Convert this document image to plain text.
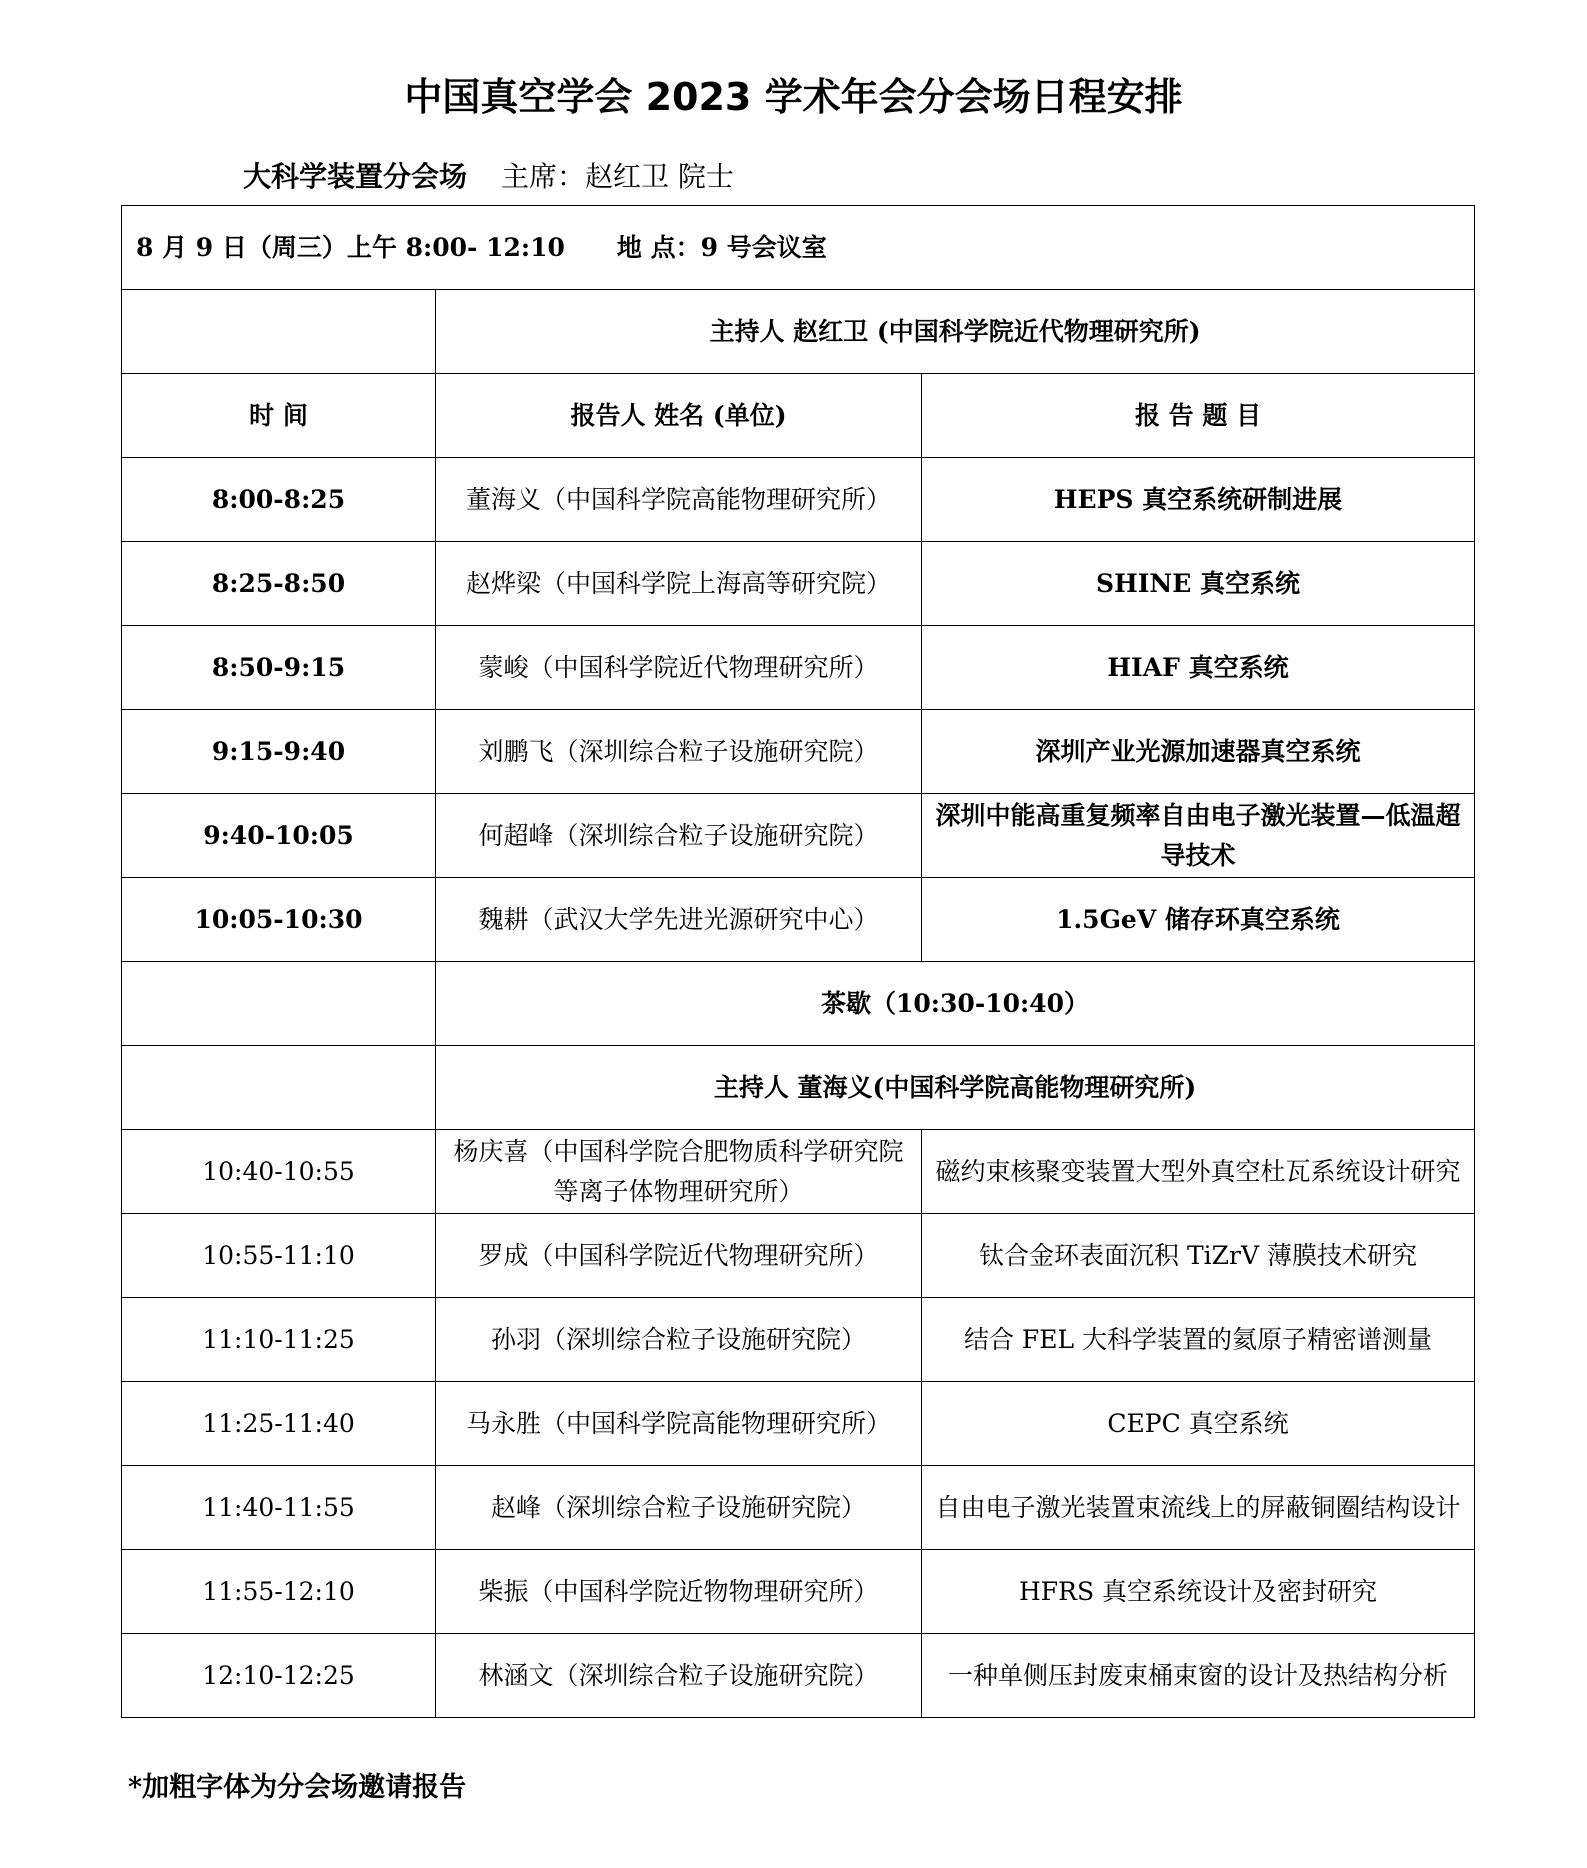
中国真空学会 2023 学术年会分会场日程安排
大科学装置分会场 主席：赵红卫 院士
8 月 9 日（周三）上午 8:00- 12:10 地 点：9 号会议室		
	主持人 赵红卫 (中国科学院近代物理研究所)	
时 间	报告人 姓名 (单位)	报 告 题 目
8:00-8:25	董海义（中国科学院高能物理研究所）	HEPS 真空系统研制进展
8:25-8:50	赵烨梁（中国科学院上海高等研究院）	SHINE 真空系统
8:50-9:15	蒙峻（中国科学院近代物理研究所）	HIAF 真空系统
9:15-9:40	刘鹏飞（深圳综合粒子设施研究院）	深圳产业光源加速器真空系统
9:40-10:05	何超峰（深圳综合粒子设施研究院）	深圳中能高重复频率自由电子激光装置—低温超导技术
10:05-10:30	魏耕（武汉大学先进光源研究中心）	1.5GeV 储存环真空系统
	茶歇（10:30-10:40）	
	主持人 董海义(中国科学院高能物理研究所)	
10:40-10:55	杨庆喜（中国科学院合肥物质科学研究院等离子体物理研究所）	磁约束核聚变装置大型外真空杜瓦系统设计研究
10:55-11:10	罗成（中国科学院近代物理研究所）	钛合金环表面沉积 TiZrV 薄膜技术研究
11:10-11:25	孙羽（深圳综合粒子设施研究院）	结合 FEL 大科学装置的氦原子精密谱测量
11:25-11:40	马永胜（中国科学院高能物理研究所）	CEPC 真空系统
11:40-11:55	赵峰（深圳综合粒子设施研究院）	自由电子激光装置束流线上的屏蔽铜圈结构设计
11:55-12:10	柴振（中国科学院近物物理研究所）	HFRS 真空系统设计及密封研究
12:10-12:25	林涵文（深圳综合粒子设施研究院）	一种单侧压封废束桶束窗的设计及热结构分析
*加粗字体为分会场邀请报告
